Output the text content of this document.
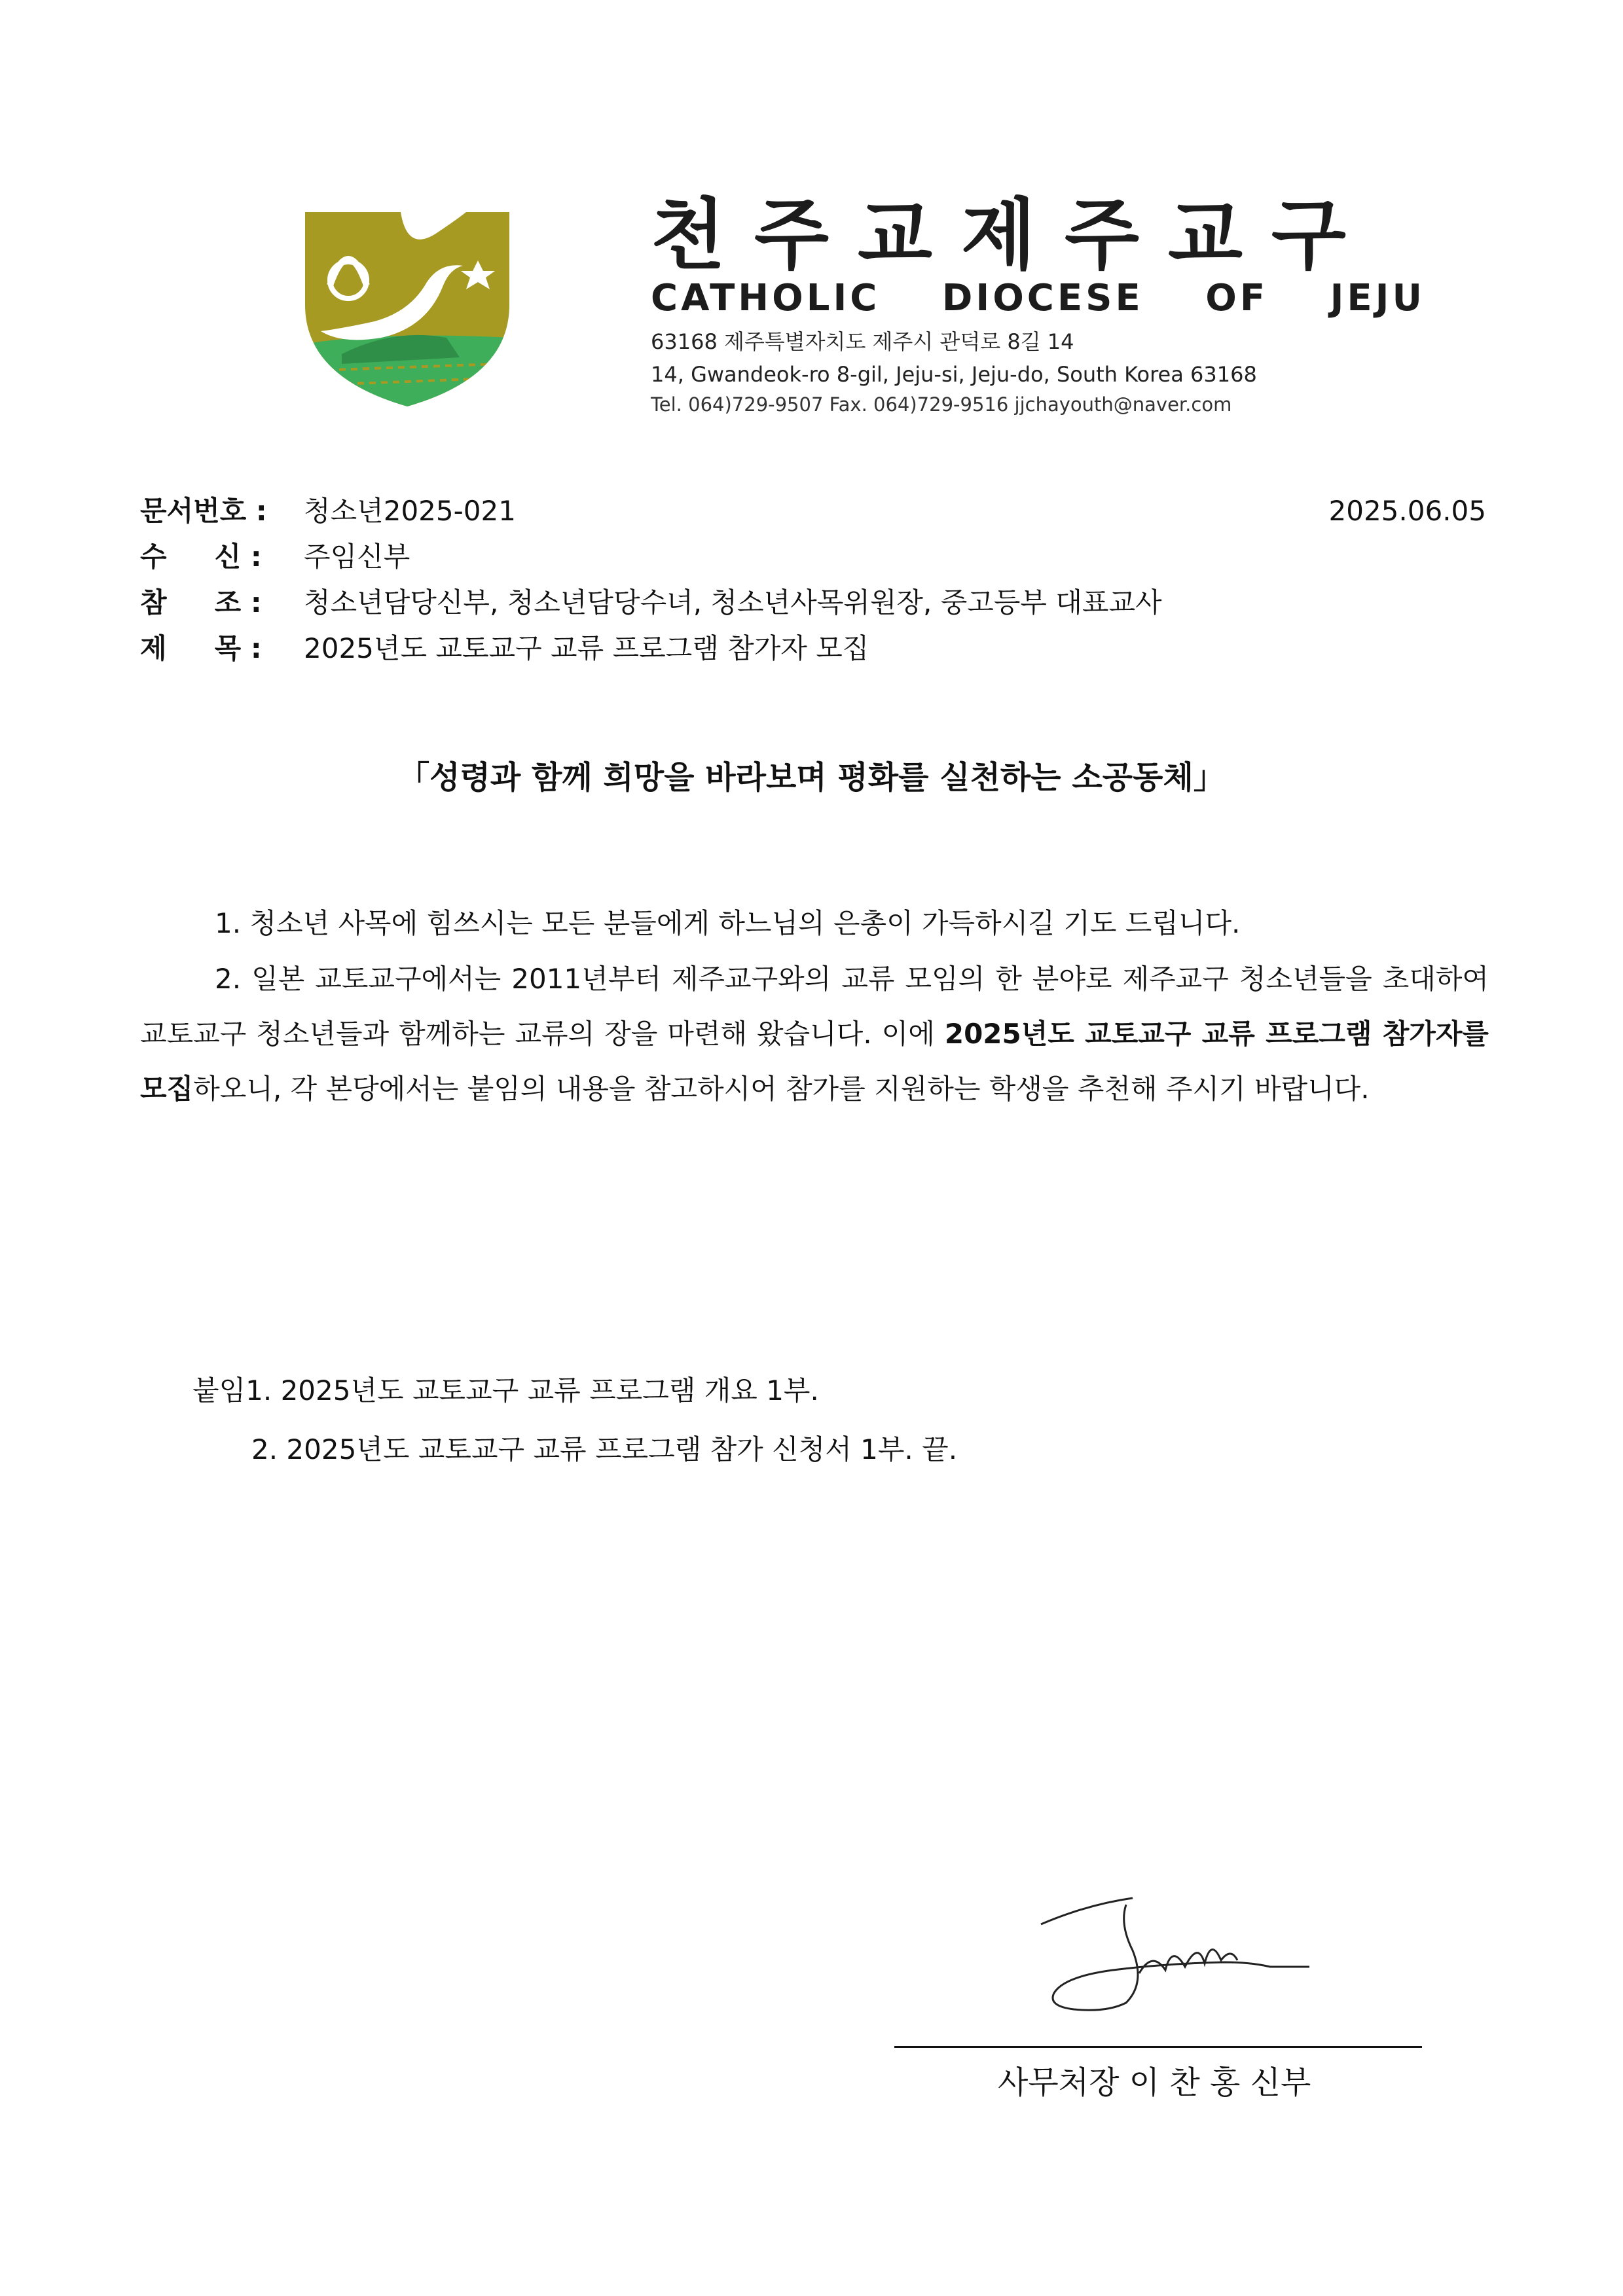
천주교제주교구
CATHOLIC DIOCESE OF JEJU
63168 제주특별자치도 제주시 관덕로 8길 14
14, Gwandeok-ro 8-gil, Jeju-si, Jeju-do, South Korea 63168
Tel. 064)729-9507 Fax. 064)729-9516 jjchayouth@naver.com
문서번호 : 청소년2025-021	2025.06.05
수     신 : 주임신부
참     조 : 청소년담당신부, 청소년담당수녀, 청소년사목위원장, 중고등부 대표교사
제     목 : 2025년도 교토교구 교류 프로그램 참가자 모집
「성령과 함께 희망을 바라보며 평화를 실천하는 소공동체」
1. 청소년 사목에 힘쓰시는 모든 분들에게 하느님의 은총이 가득하시길 기도 드립니다.
2. 일본 교토교구에서는 2011년부터 제주교구와의 교류 모임의 한 분야로 제주교구 청소년들을 초대하여 교토교구 청소년들과 함께하는 교류의 장을 마련해 왔습니다. 이에 2025년도 교토교구 교류 프로그램 참가자를 모집하오니, 각 본당에서는 붙임의 내용을 참고하시어 참가를 지원하는 학생을 추천해 주시기 바랍니다.
붙임1. 2025년도 교토교구 교류 프로그램 개요 1부.
2. 2025년도 교토교구 교류 프로그램 참가 신청서 1부. 끝.
사무처장 이 찬 홍 신부
